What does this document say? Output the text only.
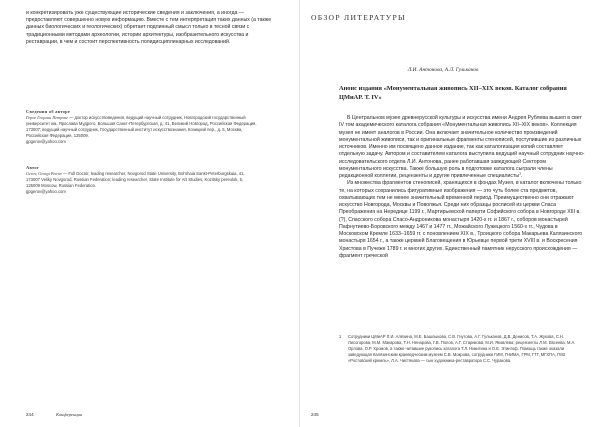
и конкретизировать уже существующие исторические сведения и заключения, а иногда — предоставляют совершенно новую информацию. Вместе с тем интерпретация таких данных (а также данных биологических и геологических) обретает подлинный смысл только в тесной связи с традиционными методами археологии, истории архитектуры, изобразительного искусства и реставрации, в чем и состоит перспективность полидисциплинарных исследований.

Сведения об авторе
Герое Георгии Петрове — доктор искусствоведения, ведущий научный сотрудник, Новгородский государственный университет им. Ярослава Мудрого, Большая Санкт-Петербургская, д. 41, Великий Новгород, Российская Федерация, 173007; ведущий научный сотрудник, Государственный институт искусствознания, Козицкий пер., д. 5, Москва, Российская Федерация, 125009.
gpgerov@yahoo.com
Автоr
Gerov, Georgi Petrov — Full Doctor, leading researcher, Novgorod State University, Bol'shaia Sankt-Peterburgskaia, 41, 173007 Veliky Novgorod, Russian Federation; leading researcher, State Institute for Art Studies, Kozitsky pereulok, 5, 125009 Moscow, Russian Federation.
gpgerov@yahoo.com
244	Конференции
ОБЗОР ЛИТЕРАТУРЫ
Л.И. Антонова, А.Л. Гульканов
Анонс издания «Монументальная живопись XII–XIX веков. Каталог собрания ЦМиАР. Т. IV»

В Центральном музее древнерусской культуры и искусства имени Андрея Рублева вышел в свет IV том академического каталога собрания «Монументальная живопись XII–XIX веков». Коллекция музея не имеет аналогов в России. Она включает значительное количество произведений монументальной живописи, так и оригинальные фрагменты стенописей, поступившие из различных источников. Именно им посвящено данное издание, так как каталогизация копий составляет отдельную задачу. Автором и составителем каталога выступила ведущий научный сотрудник научно-исследовательского отдела Л.И. Антонова, ранее работавшая заведующей Сектором монументального искусства. Также большую роль в подготовке каталога сыграли члены редакционной коллегии, рецензенты и другие привлеченные специалисты$^1$.

Из множества фрагментов стенописей, хранящихся в фондах Музея, в каталог включены только те, на которых сохранились фигуративные изображения — это чуть более ста предметов, охватывающих тем не менее значительный временной период. Преимущественно они отражают искусство Новгорода, Москвы и Поволжья. Среди них образцы росписей из церкви Спаса Преображения на Нередице 1199 г., Мартирьевской паперти Софийского собора в Новгороде XIII в. (?), Спасского собора Спасо-Андроникова монастыря 1420-х гг. и 1867 г., соборов монастырей Пафнутиево-Боровского между 1467 и 1477 гг., Можайского Лужецкого 1560-х гг., Чудова в Московском Кремле 1633–1659 гг. с поновлением XIX в., Троицкого собора Макарьева Калязинского монастыря 1654 г., а также церквей Благовещения в Юрьевце первой трети XVIII в. и Воскресения Христова в Пучеже 1789 г. и многих других. Единственный памятник нерусского происхождения — фрагмент греческой

1 Сотрудники ЦМиАР Л.И. Алёхина, М.Е. Башлыкова, С.В. Гнутова, А.Г. Гульканов, Д.В. Денисов, Т.А. Жукова, С.Н. Лисогорова, М.М. Макарова, Т.Н. Ненарова, Г.В. Попов, А.Г. Старикова, М.И. Яковлева; рецензенты Л.М. Евсеева, М.А. Орлова, О.Р. Хромов, а также читавшие рукопись каталога Т.Л. Никитина и О.Е. Этингоф. Помощь также оказали заведующая Калязинским краеведческим музеем С.В. Мокрова, сотрудники ГИМ, ГНИМА, ГРМ, ГТГ, МГХПА, ГМЗ «Ростовский кремль», Л.А. Чистякова — сын художника-реставратора С.С. Чуракова.
245
